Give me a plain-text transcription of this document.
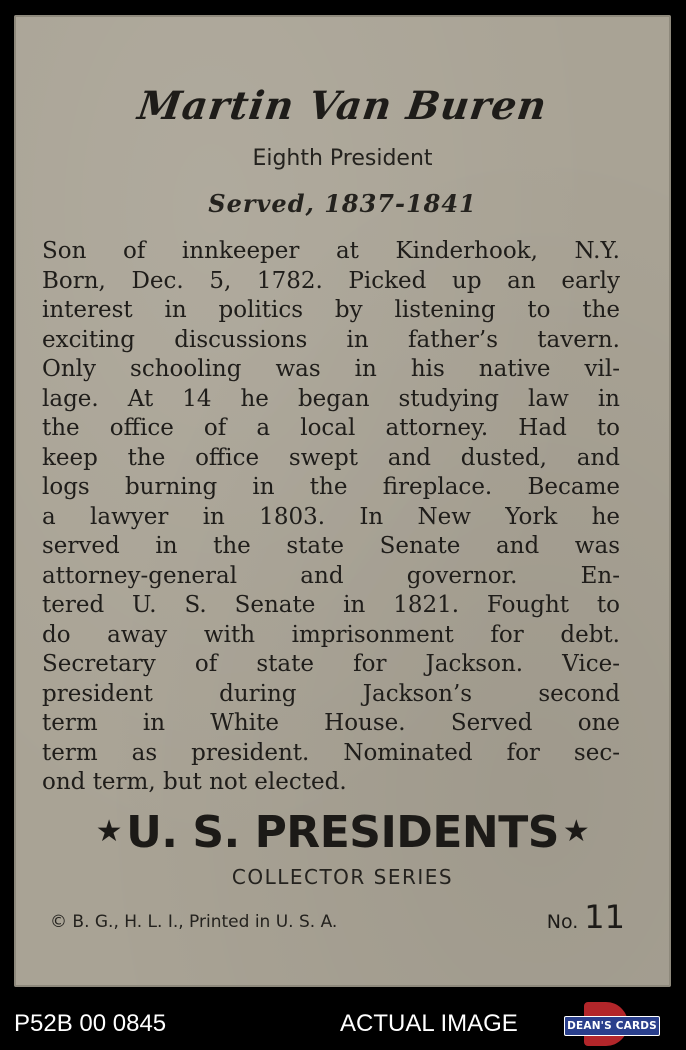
Martin Van Buren
Eighth President
Served, 1837-1841
Son of innkeeper at Kinderhook, N.Y.
Born, Dec. 5, 1782. Picked up an early
interest in politics by listening to the
exciting discussions in father’s tavern.
Only schooling was in his native vil-
lage. At 14 he began studying law in
the office of a local attorney. Had to
keep the office swept and dusted, and
logs burning in the fireplace. Became
a lawyer in 1803. In New York he
served in the state Senate and was
attorney-general and governor. En-
tered U. S. Senate in 1821. Fought to
do away with imprisonment for debt.
Secretary of state for Jackson. Vice-
president during Jackson’s second
term in White House. Served one
term as president. Nominated for sec-
ond term, but not elected.
★U. S. PRESIDENTS ★
COLLECTOR SERIES
© B. G., H. L. I., Printed in U. S. A.	No. 11
P52B 00 0845	ACTUAL IMAGE	DEAN'S CARDS
